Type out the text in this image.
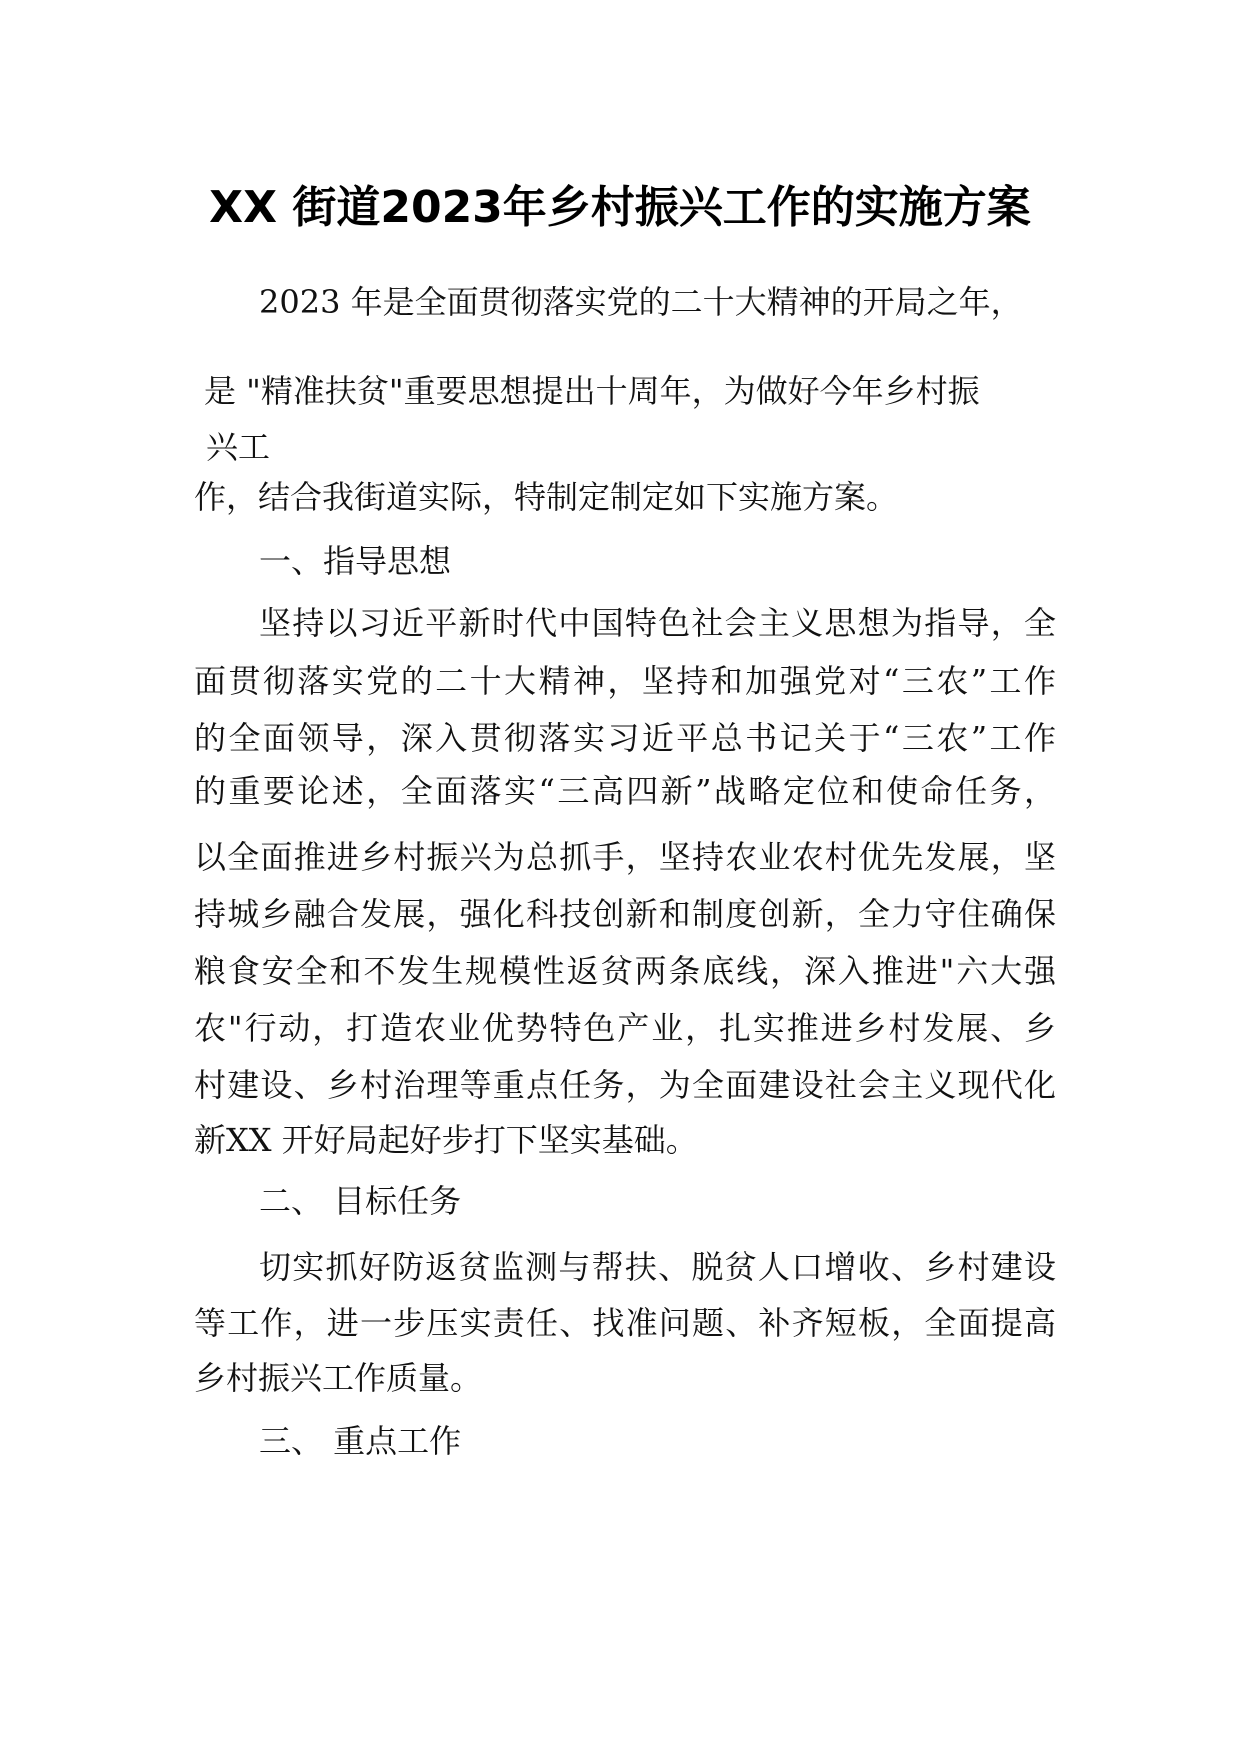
XX 街道2023年乡村振兴工作的实施方案
2023 年是全面贯彻落实党的二十大精神的开局之年，
是 "精准扶贫"重要思想提出十周年，为做好今年乡村振
兴工
作，结合我街道实际，特制定制定如下实施方案。
一、指导思想
坚持以习近平新时代中国特色社会主义思想为指导，全
面贯彻落实党的二十大精神，坚持和加强党对“三农”工作
的全面领导，深入贯彻落实习近平总书记关于“三农”工作
的重要论述，全面落实“三高四新”战略定位和使命任务，
以全面推进乡村振兴为总抓手，坚持农业农村优先发展，坚
持城乡融合发展，强化科技创新和制度创新，全力守住确保
粮食安全和不发生规模性返贫两条底线，深入推进"六大强
农"行动，打造农业优势特色产业，扎实推进乡村发展、乡
村建设、乡村治理等重点任务，为全面建设社会主义现代化
新XX 开好局起好步打下坚实基础。
二、 目标任务
切实抓好防返贫监测与帮扶、脱贫人口增收、乡村建设
等工作，进一步压实责任、找准问题、补齐短板，全面提高
乡村振兴工作质量。
三、 重点工作
